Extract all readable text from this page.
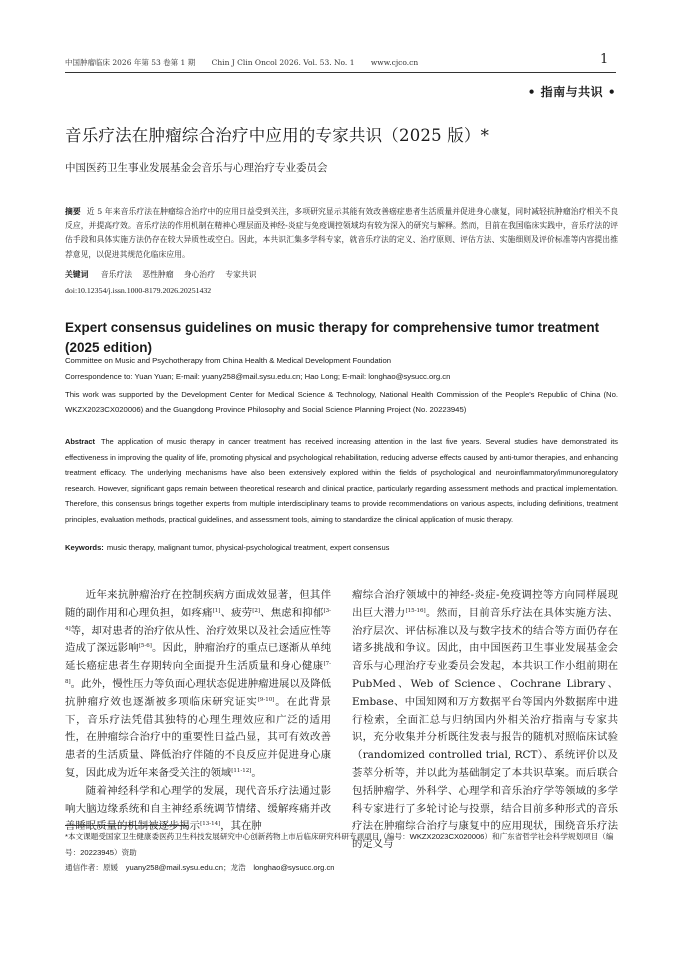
中国肿瘤临床 2026 年第 53 卷第 1 期 Chin J Clin Oncol 2026. Vol. 53. No. 1 www.cjco.cn	1
• 指南与共识 •
音乐疗法在肿瘤综合治疗中应用的专家共识（2025 版）*
中国医药卫生事业发展基金会音乐与心理治疗专业委员会
摘要 近 5 年来音乐疗法在肿瘤综合治疗中的应用日益受到关注，多项研究显示其能有效改善癌症患者生活质量并促进身心康复，同时减轻抗肿瘤治疗相关不良反应，并提高疗效。音乐疗法的作用机制在精神心理层面及神经-炎症与免疫调控领域均有较为深入的研究与解释。然而，目前在我国临床实践中，音乐疗法的评估手段和具体实施方法仍存在较大异质性或空白。因此，本共识汇集多学科专家，就音乐疗法的定义、治疗原则、评估方法、实施细则及评价标准等内容提出推荐意见，以促进其规范化临床应用。
关键词 音乐疗法　 恶性肿瘤　 身心治疗　 专家共识
doi:10.12354/j.issn.1000-8179.2026.20251432
Expert consensus guidelines on music therapy for comprehensive tumor treatment (2025 edition)
Committee on Music and Psychotherapy from China Health & Medical Development Foundation
Correspondence to: Yuan Yuan; E-mail: yuany258@mail.sysu.edu.cn; Hao Long; E-mail: longhao@sysucc.org.cn
This work was supported by the Development Center for Medical Science & Technology, National Health Commission of the People's Republic of China (No. WKZX2023CX020006) and the Guangdong Province Philosophy and Social Science Planning Project (No. 20223945)
Abstract The application of music therapy in cancer treatment has received increasing attention in the last five years. Several studies have demonstrated its effectiveness in improving the quality of life, promoting physical and psychological rehabilitation, reducing adverse effects caused by anti-tumor therapies, and enhancing treatment efficacy. The underlying mechanisms have also been extensively explored within the fields of psychological and neuroinflammatory/immunoregulatory research. However, significant gaps remain between theoretical research and clinical practice, particularly regarding assessment methods and practical implementation. Therefore, this consensus brings together experts from multiple interdisciplinary teams to provide recommendations on various aspects, including definitions, treatment principles, evaluation methods, practical guidelines, and assessment tools, aiming to standardize the clinical application of music therapy.
Keywords: music therapy, malignant tumor, physical-psychological treatment, expert consensus

近年来抗肿瘤治疗在控制疾病方面成效显著，但其伴随的副作用和心理负担，如疼痛[1]、疲劳[2]、焦虑和抑郁[3-4]等，却对患者的治疗依从性、治疗效果以及社会适应性等造成了深远影响[5-6]。因此，肿瘤治疗的重点已逐渐从单纯延长癌症患者生存期转向全面提升生活质量和身心健康[7-8]。此外，慢性压力等负面心理状态促进肿瘤进展以及降低抗肿瘤疗效也逐渐被多项临床研究证实[9-10]。在此背景下，音乐疗法凭借其独特的心理生理效应和广泛的适用性，在肿瘤综合治疗中的重要性日益凸显，其可有效改善患者的生活质量、降低治疗伴随的不良反应并促进身心康复，因此成为近年来备受关注的领域[11-12]。

随着神经科学和心理学的发展，现代音乐疗法通过影响大脑边缘系统和自主神经系统调节情绪、缓解疼痛并改善睡眠质量的机制被逐步揭示[13-14]，其在肿

瘤综合治疗领域中的神经-炎症-免疫调控等方向同样展现出巨大潜力[15-16]。然而，目前音乐疗法在具体实施方法、治疗层次、评估标准以及与数字技术的结合等方面仍存在诸多挑战和争议。因此，由中国医药卫生事业发展基金会音乐与心理治疗专业委员会发起，本共识工作小组前期在 PubMed、Web of Science、Cochrane Library、Embase、中国知网和万方数据平台等国内外数据库中进行检索，全面汇总与归纳国内外相关治疗指南与专家共识，充分收集并分析既往发表与报告的随机对照临床试验（randomized controlled trial, RCT）、系统评价以及荟萃分析等，并以此为基础制定了本共识草案。而后联合包括肿瘤学、外科学、心理学和音乐治疗学等领域的多学科专家进行了多轮讨论与投票，结合目前多种形式的音乐疗法在肿瘤综合治疗与康复中的应用现状，围绕音乐疗法的定义与

*本文课题受国家卫生健康委医药卫生科技发展研究中心创新药物上市后临床研究科研专项项目（编号：WKZX2023CX020006）和广东省哲学社会科学规划项目（编号：20223945）资助
通信作者：原媛　yuany258@mail.sysu.edu.cn；龙浩　longhao@sysucc.org.cn
